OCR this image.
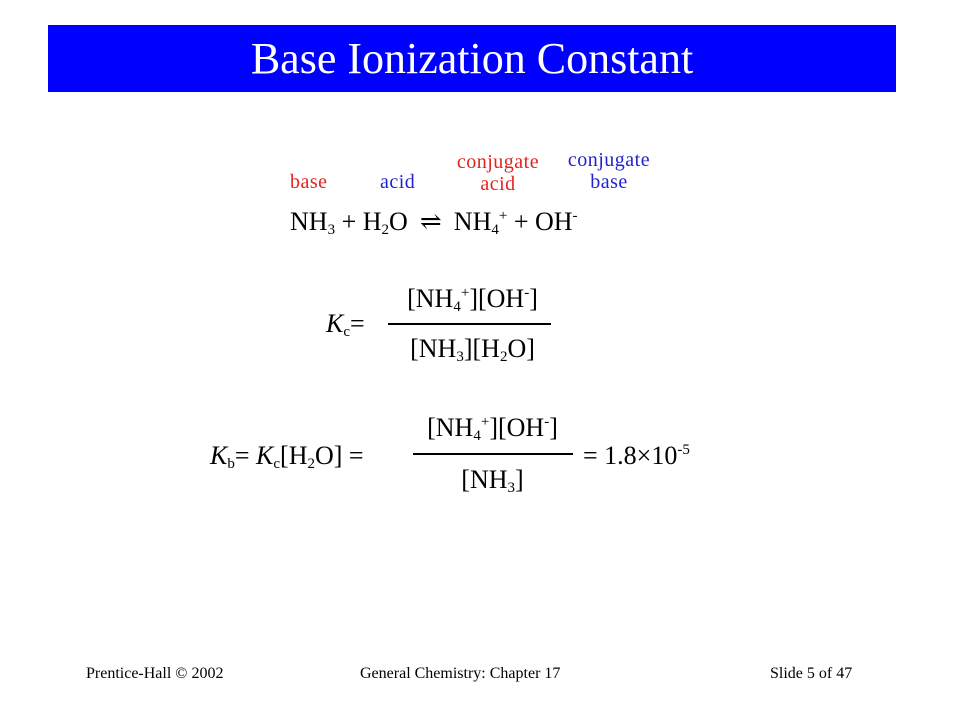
Base Ionization Constant
base	acid
conjugate
acid
conjugate
base
$NH_3 + H_2O$ ⇌ $NH_4^+ + OH^-$
$K_c=$
$[NH_4^+][OH^-]$
$[NH_3][H_2O]$
$K_b= K_c[H_2O]$ =
$[NH_4^+][OH^-]$
$[NH_3]$
= $1.8\times 10^{-5}$
Prentice-Hall © 2002	General Chemistry: Chapter 17	Slide 5 of 47
